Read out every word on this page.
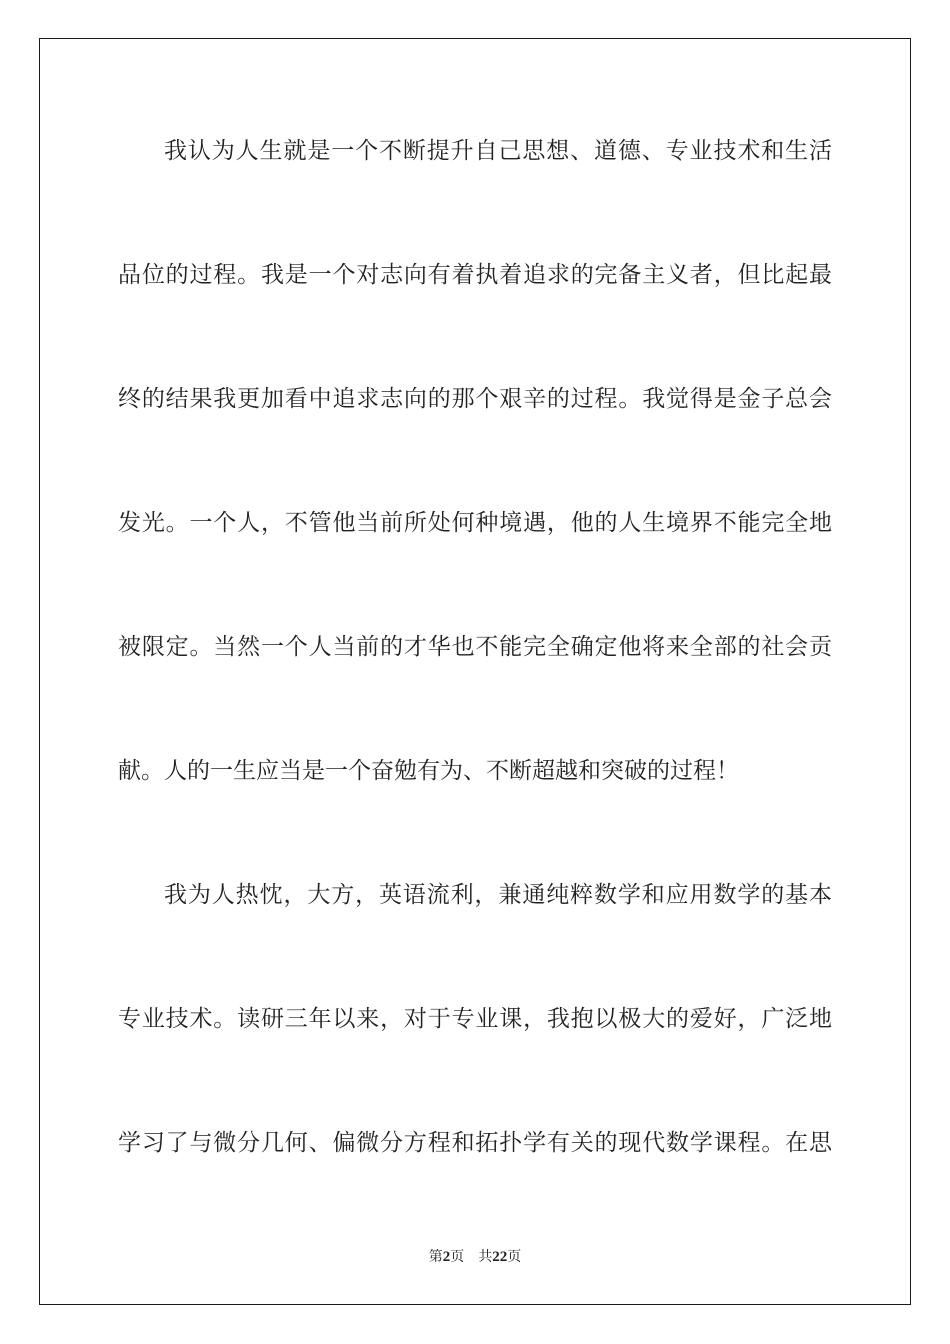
我认为人生就是一个不断提升自己思想、道德、专业技术和生活
品位的过程。我是一个对志向有着执着追求的完备主义者，但比起最
终的结果我更加看中追求志向的那个艰辛的过程。我觉得是金子总会
发光。一个人，不管他当前所处何种境遇，他的人生境界不能完全地
被限定。当然一个人当前的才华也不能完全确定他将来全部的社会贡
献。人的一生应当是一个奋勉有为、不断超越和突破的过程！
我为人热忱，大方，英语流利，兼通纯粹数学和应用数学的基本
专业技术。读研三年以来，对于专业课，我抱以极大的爱好，广泛地
学习了与微分几何、偏微分方程和拓扑学有关的现代数学课程。在思
第2页 共22页
